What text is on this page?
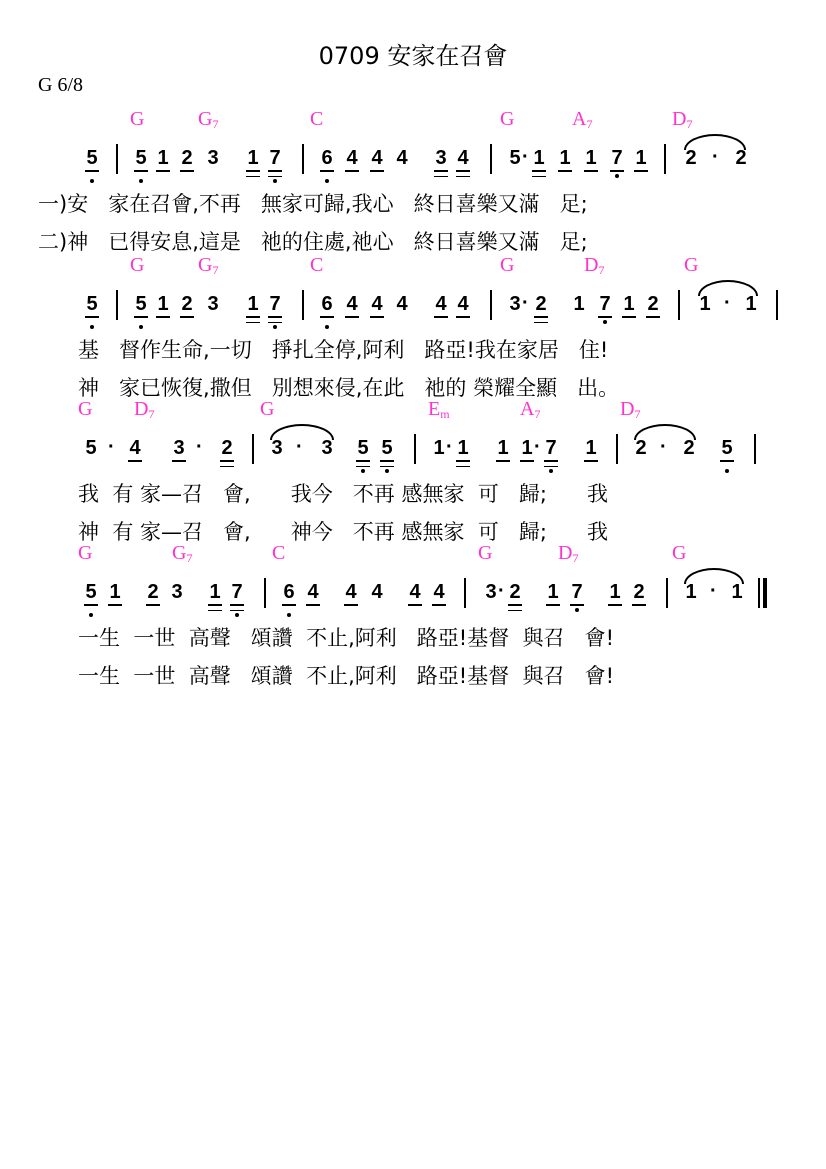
0709 安家在召會
G 6/8
G	$G_7$	C	G	$A_7$	$D_7$
5 5 1 2 3 1 7 6 4 4 4 3 4 5 · 1 1 1 7 1 2 · 2
一)安   家在召會,不再   無家可歸,我心   終日喜樂又滿   足;
二)神   已得安息,這是   祂的住處,祂心   終日喜樂又滿   足;
G	$G_7$	C	G	$D_7$	G
5 5 1 2 3 1 7 6 4 4 4 4 4 3 · 2 1 7 1 2 1 · 1
基   督作生命,一切   掙扎全停,阿利   路亞!我在家居   住!
神   家已恢復,撒但   別想來侵,在此   祂的 榮耀全顯   出。
G $D_7$	G	$E_m$	$A_7$	$D_7$
5 · 4 3 · 2 3 · 3 5 5 1 · 1 1 1 · 7 1 2 · 2 5
我  有 家—召   會,      我今   不再 感無家  可   歸;      我
神  有 家—召   會,      神今   不再 感無家  可   歸;      我
G	$G_7$	C	G	$D_7$	G
5 1 2 3 1 7 6 4 4 4 4 4 3 · 2 1 7 1 2 1 · 1
一生  一世  高聲   頌讚  不止,阿利   路亞!基督  與召   會!
一生  一世  高聲   頌讚  不止,阿利   路亞!基督  與召   會!
